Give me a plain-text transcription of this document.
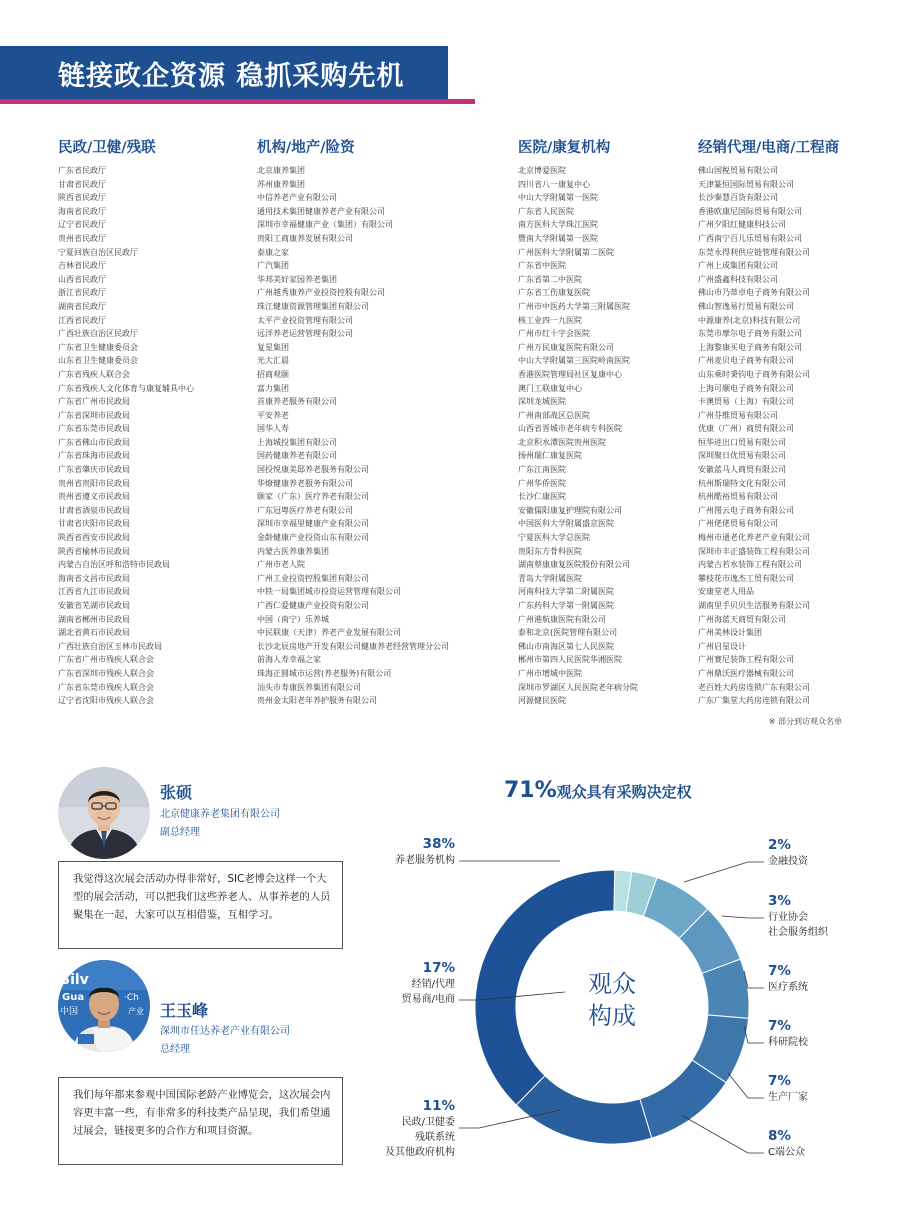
链接政企资源 稳抓采购先机
民政/卫健/残联
广东省民政厅
甘肃省民政厅
陕西省民政厅
海南省民政厅
辽宁省民政厅
贵州省民政厅
宁夏回族自治区民政厅
吉林省民政厅
山西省民政厅
浙江省民政厅
湖南省民政厅
江西省民政厅
广西壮族自治区民政厅
广东省卫生健康委员会
山东省卫生健康委员会
广东省残疾人联合会
广东省残疾人文化体育与康复辅具中心
广东省广州市民政局
广东省深圳市民政局
广东省东莞市民政局
广东省佛山市民政局
广东省珠海市民政局
广东省肇庆市民政局
贵州省贵阳市民政局
贵州省遵义市民政局
甘肃省酒泉市民政局
甘肃省庆阳市民政局
陕西省西安市民政局
陕西省榆林市民政局
内蒙古自治区呼和浩特市民政局
海南省文昌市民政局
江西省九江市民政局
安徽省芜湖市民政局
湖南省郴州市民政局
湖北省黄石市民政局
广西壮族自治区玉林市民政局
广东省广州市残疾人联合会
广东省深圳市残疾人联合会
广东省东莞市残疾人联合会
辽宁省沈阳市残疾人联合会
机构/地产/险资
北京康养集团
苏州康养集团
中信养老产业有限公司
通用技术集团健康养老产业有限公司
深圳市幸福健康产业（集团）有限公司
贵阳工商康养发展有限公司
泰康之家
广汽集团
华邦美好家园养老集团
广州越秀康养产业投资控股有限公司
珠江健康资源管理集团有限公司
太平产业投资管理有限公司
远洋养老运营管理有限公司
复星集团
光大汇晨
招商观颐
富力集团
首康养老服务有限公司
平安养老
国华人寿
上海城投集团有限公司
国药健康养老有限公司
国投悦康美邸养老服务有限公司
华燎健康养老服务有限公司
颐家（广东）医疗养老有限公司
广东冠粤医疗养老有限公司
深圳市幸福里健康产业有限公司
金龄健康产业投资山东有限公司
内蒙古医养康养集团
广州市老人院
广州工业投资控股集团有限公司
中铁一局集团城市投资运营管理有限公司
广西仁爱健康产业投资有限公司
中国（南宁）乐养城
中民联康（天津）养老产业发展有限公司
长沙北辰房地产开发有限公司健康养老经营管理分公司
前海人寿幸福之家
珠海正圆城市运营(养老服务)有限公司
汕头市寿康医养集团有限公司
贵州金太阳老年养护服务有限公司
医院/康复机构
北京博爱医院
四川省八一康复中心
中山大学附属第一医院
广东省人民医院
南方医科大学珠江医院
暨南大学附属第一医院
广州医科大学附属第二医院
广东省中医院
广东省第二中医院
广东省工伤康复医院
广州市中医药大学第三附属医院
核工业四一九医院
广州市红十字会医院
广州万民康复医院有限公司
中山大学附属第三医院岭南医院
香港医院管理局社区复康中心
澳门工联康复中心
深圳龙城医院
广州南部战区总医院
山西省晋城市老年病专科医院
北京积水潭医院贵州医院
扬州瑞仁康复医院
广东江南医院
广州华侨医院
长沙仁康医院
安徽儒阳康复护理院有限公司
中国医科大学附属盛京医院
宁夏医科大学总医院
贵阳东方骨科医院
湖南蔡康康复医院股份有限公司
青岛大学附属医院
河南科技大学第二附属医院
广东药科大学第一附属医院
广州港航康医院有限公司
泰和北京(医院管理有限公司
佛山市南海区第七人民医院
郴州市第四人民医院华湘医院
广州市增城中医院
深圳市罗湖区人民医院老年病分院
河源健民医院
经销代理/电商/工程商
佛山国税贸易有限公司
天津篆恒国际贸易有限公司
长沙秦慧百货有限公司
香港欧康尼国际贸易有限公司
广州夕阳红健康科技公司
广西南宁百儿乐贸易有限公司
东莞永得利供应链管理有限公司
广州上成集团有限公司
广州盛鑫科技有限公司
佛山市乃蒂卓电子商务有限公司
佛山智逸易行贸易有限公司
中源康养(北京)科技有限公司
东莞市摩尔电子商务有限公司
上海黎康买电子商务有限公司
广州麦贝电子商务有限公司
山东乘时秉钧电子商务有限公司
上海可顺电子商务有限公司
卡澳贸易（上海）有限公司
广州芬维贸易有限公司
优康（广州）商贸有限公司
恒华进出口贸易有限公司
深圳聚日优贸易有限公司
安徽蓝马人商贸有限公司
杭州斯瑞特文化有限公司
杭州酷裕贸易有限公司
广州图云电子商务有限公司
广州佬佬贸易有限公司
梅州市通老化养老产业有限公司
深圳市丰正盛装饰工程有限公司
内蒙古若水装饰工程有限公司
攀枝花市逸杰工贸有限公司
安康堂老人用品
湖南里手贝贝生活服务有限公司
广州海蓝天商贸有限公司
广州美林设计集团
广州启星设计
广州赛尼装饰工程有限公司
广州鼎沃医疗器械有限公司
老百姓大药房连锁广东有限公司
广东广集堂大药房连锁有限公司
※ 部分到访观众名单
张硕
北京健康养老集团有限公司
副总经理
我觉得这次展会活动办得非常好，SIC老博会这样一个大型的展会活动，可以把我们这些养老人、从事养老的人员聚集在一起，大家可以互相借鉴，互相学习。
Silv
Gua
中国
·Ch
产业 王玉峰
深圳市任达养老产业有限公司
总经理
我们每年都来参观中国国际老龄产业博览会，这次展会内容更丰富一些，有非常多的科技类产品呈现，我们希望通过展会，链接更多的合作方和项目资源。
71%观众具有采购决定权
观众
构成
38%
养老服务机构
17%
经销/代理
贸易商/电商
11%
民政/卫健委
残联系统
及其他政府机构
8%
C端公众
7%
生产厂家
7%
科研院校
7%
医疗系统
3%
行业协会
社会服务组织
2%
金融投资
